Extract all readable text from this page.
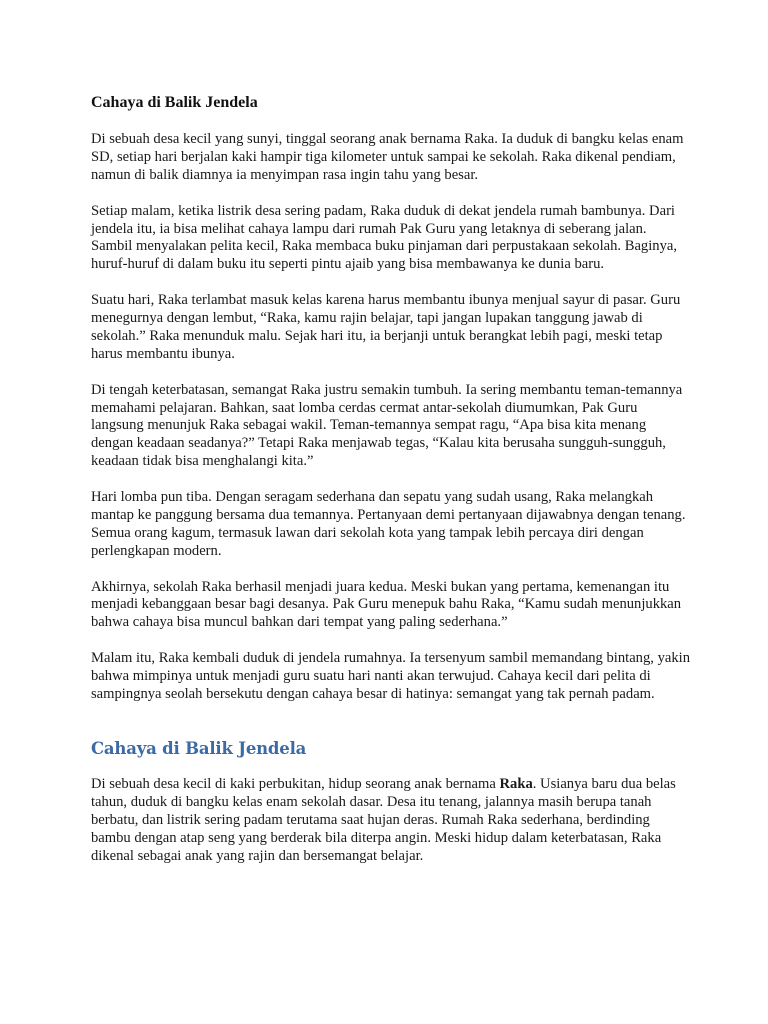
Cahaya di Balik Jendela

Di sebuah desa kecil yang sunyi, tinggal seorang anak bernama Raka. Ia duduk di bangku kelas enam SD, setiap hari berjalan kaki hampir tiga kilometer untuk sampai ke sekolah. Raka dikenal pendiam, namun di balik diamnya ia menyimpan rasa ingin tahu yang besar.

Setiap malam, ketika listrik desa sering padam, Raka duduk di dekat jendela rumah bambunya. Dari jendela itu, ia bisa melihat cahaya lampu dari rumah Pak Guru yang letaknya di seberang jalan. Sambil menyalakan pelita kecil, Raka membaca buku pinjaman dari perpustakaan sekolah. Baginya, huruf-huruf di dalam buku itu seperti pintu ajaib yang bisa membawanya ke dunia baru.

Suatu hari, Raka terlambat masuk kelas karena harus membantu ibunya menjual sayur di pasar. Guru menegurnya dengan lembut, “Raka, kamu rajin belajar, tapi jangan lupakan tanggung jawab di sekolah.” Raka menunduk malu. Sejak hari itu, ia berjanji untuk berangkat lebih pagi, meski tetap harus membantu ibunya.

Di tengah keterbatasan, semangat Raka justru semakin tumbuh. Ia sering membantu teman-temannya memahami pelajaran. Bahkan, saat lomba cerdas cermat antar-sekolah diumumkan, Pak Guru langsung menunjuk Raka sebagai wakil. Teman-temannya sempat ragu, “Apa bisa kita menang dengan keadaan seadanya?” Tetapi Raka menjawab tegas, “Kalau kita berusaha sungguh-sungguh, keadaan tidak bisa menghalangi kita.”

Hari lomba pun tiba. Dengan seragam sederhana dan sepatu yang sudah usang, Raka melangkah mantap ke panggung bersama dua temannya. Pertanyaan demi pertanyaan dijawabnya dengan tenang. Semua orang kagum, termasuk lawan dari sekolah kota yang tampak lebih percaya diri dengan perlengkapan modern.

Akhirnya, sekolah Raka berhasil menjadi juara kedua. Meski bukan yang pertama, kemenangan itu menjadi kebanggaan besar bagi desanya. Pak Guru menepuk bahu Raka, “Kamu sudah menunjukkan bahwa cahaya bisa muncul bahkan dari tempat yang paling sederhana.”

Malam itu, Raka kembali duduk di jendela rumahnya. Ia tersenyum sambil memandang bintang, yakin bahwa mimpinya untuk menjadi guru suatu hari nanti akan terwujud. Cahaya kecil dari pelita di sampingnya seolah bersekutu dengan cahaya besar di hatinya: semangat yang tak pernah padam.

Cahaya di Balik Jendela

Di sebuah desa kecil di kaki perbukitan, hidup seorang anak bernama Raka. Usianya baru dua belas tahun, duduk di bangku kelas enam sekolah dasar. Desa itu tenang, jalannya masih berupa tanah berbatu, dan listrik sering padam terutama saat hujan deras. Rumah Raka sederhana, berdinding bambu dengan atap seng yang berderak bila diterpa angin. Meski hidup dalam keterbatasan, Raka dikenal sebagai anak yang rajin dan bersemangat belajar.
